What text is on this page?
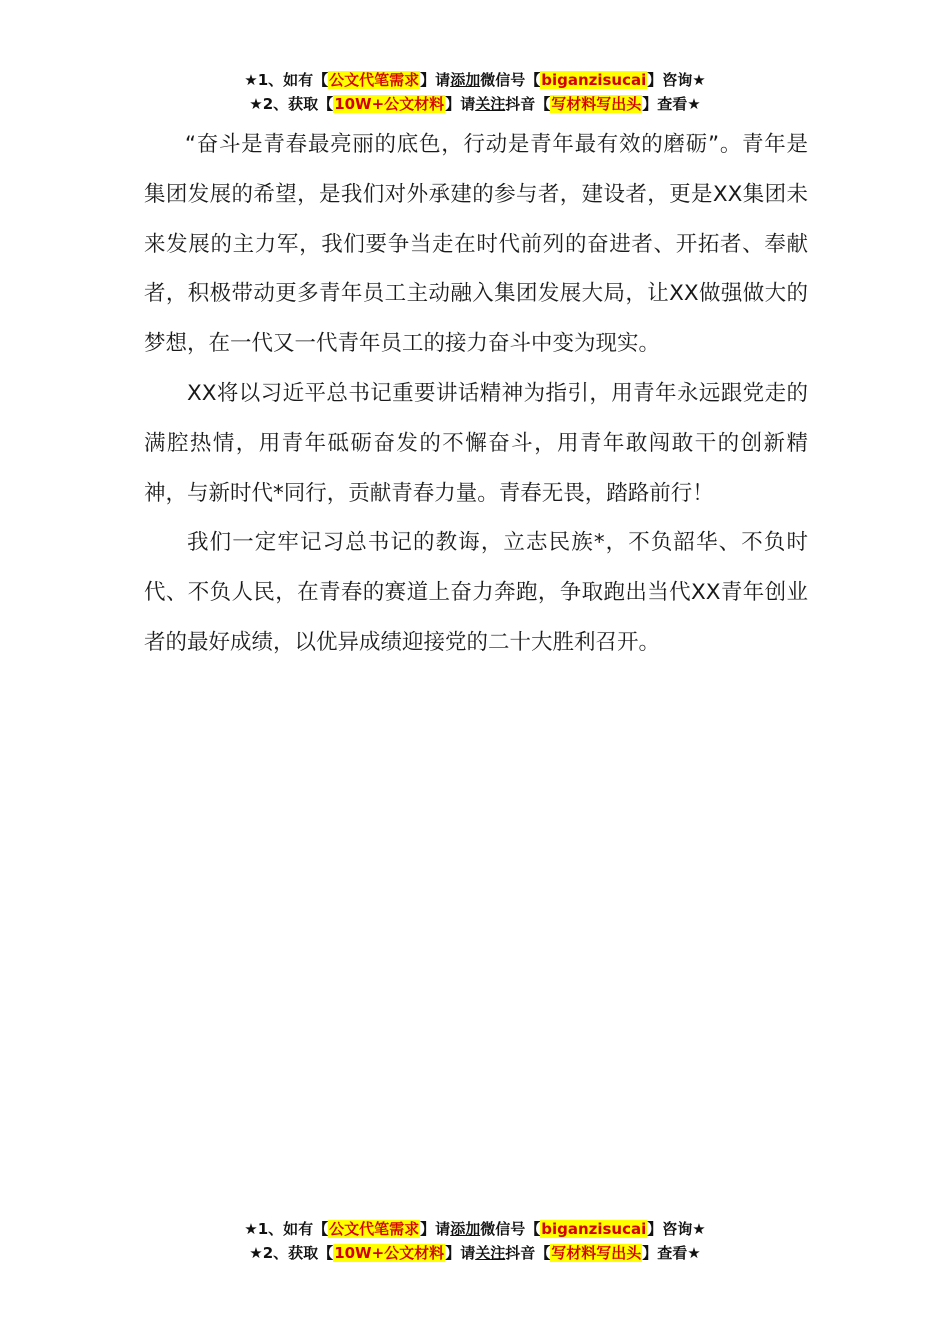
★1、如有【公文代笔需求】请添加微信号【biganzisucai】咨询★
★2、获取【10W+公文材料】请关注抖音【写材料写出头】查看★

“奋斗是青春最亮丽的底色，行动是青年最有效的磨砺”。青年是集团发展的希望，是我们对外承建的参与者，建设者，更是XX集团未来发展的主力军，我们要争当走在时代前列的奋进者、开拓者、奉献者，积极带动更多青年员工主动融入集团发展大局，让XX做强做大的梦想，在一代又一代青年员工的接力奋斗中变为现实。

XX将以习近平总书记重要讲话精神为指引，用青年永远跟党走的满腔热情，用青年砥砺奋发的不懈奋斗，用青年敢闯敢干的创新精神，与新时代*同行，贡献青春力量。青春无畏，踏路前行！

我们一定牢记习总书记的教诲，立志民族*，不负韶华、不负时代、不负人民，在青春的赛道上奋力奔跑，争取跑出当代XX青年创业者的最好成绩，以优异成绩迎接党的二十大胜利召开。

★1、如有【公文代笔需求】请添加微信号【biganzisucai】咨询★
★2、获取【10W+公文材料】请关注抖音【写材料写出头】查看★
